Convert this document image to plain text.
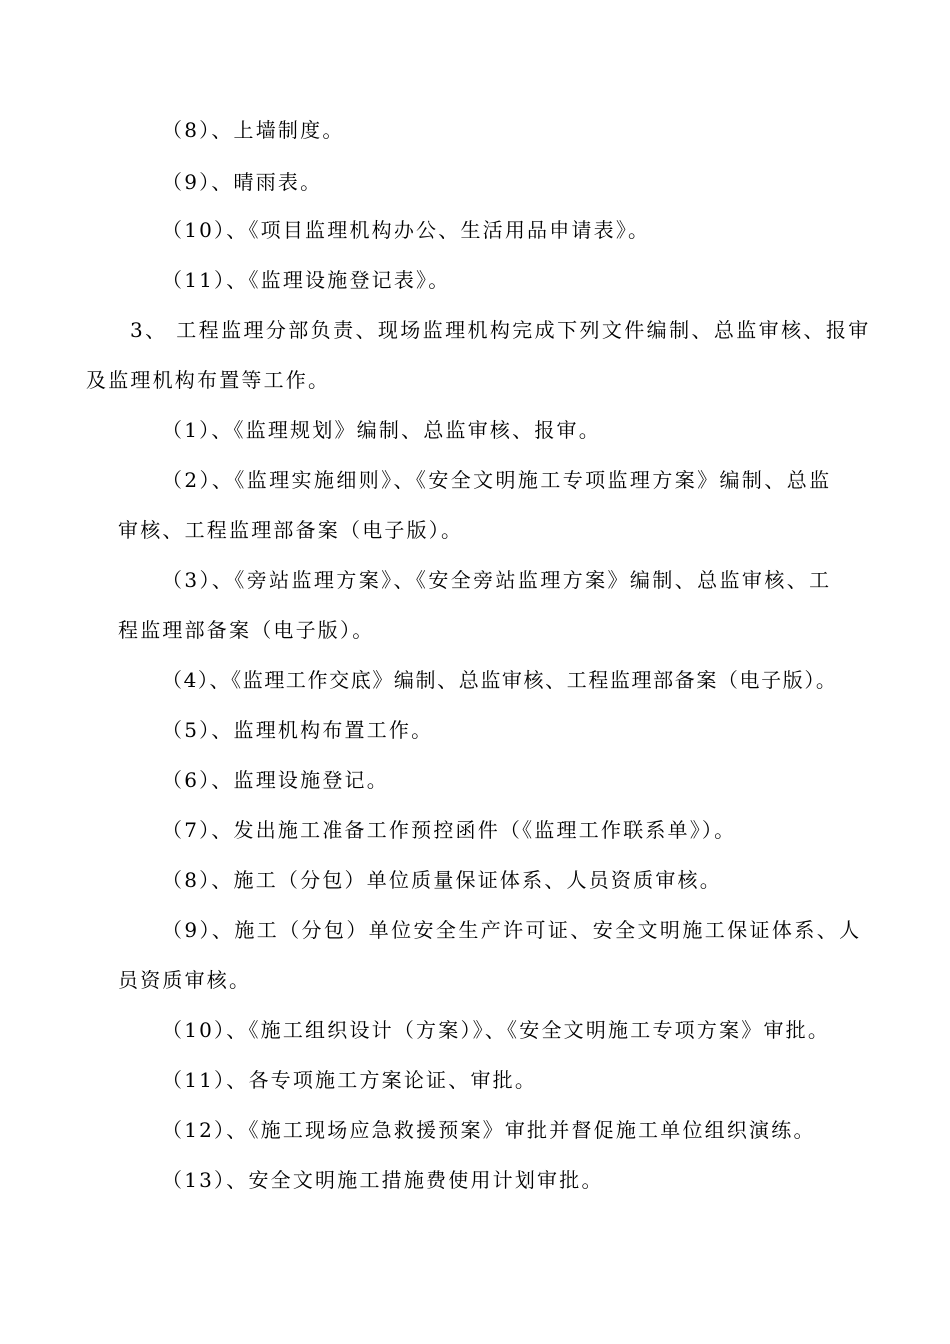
（8）、上墙制度。
（9）、晴雨表。
（10）、《项目监理机构办公、生活用品申请表》。
（11）、《监理设施登记表》。
3、 工程监理分部负责、现场监理机构完成下列文件编制、总监审核、报审
及监理机构布置等工作。
（1）、《监理规划》编制、总监审核、报审。
（2）、《监理实施细则》、《安全文明施工专项监理方案》编制、总监
审核、工程监理部备案（电子版）。
（3）、《旁站监理方案》、《安全旁站监理方案》编制、总监审核、工
程监理部备案（电子版）。
（4）、《监理工作交底》编制、总监审核、工程监理部备案（电子版）。
（5）、监理机构布置工作。
（6）、监理设施登记。
（7）、发出施工准备工作预控函件（《监理工作联系单》）。
（8）、施工（分包）单位质量保证体系、人员资质审核。
（9）、施工（分包）单位安全生产许可证、安全文明施工保证体系、人
员资质审核。
（10）、《施工组织设计（方案）》、《安全文明施工专项方案》审批。
（11）、各专项施工方案论证、审批。
（12）、《施工现场应急救援预案》审批并督促施工单位组织演练。
（13）、安全文明施工措施费使用计划审批。
